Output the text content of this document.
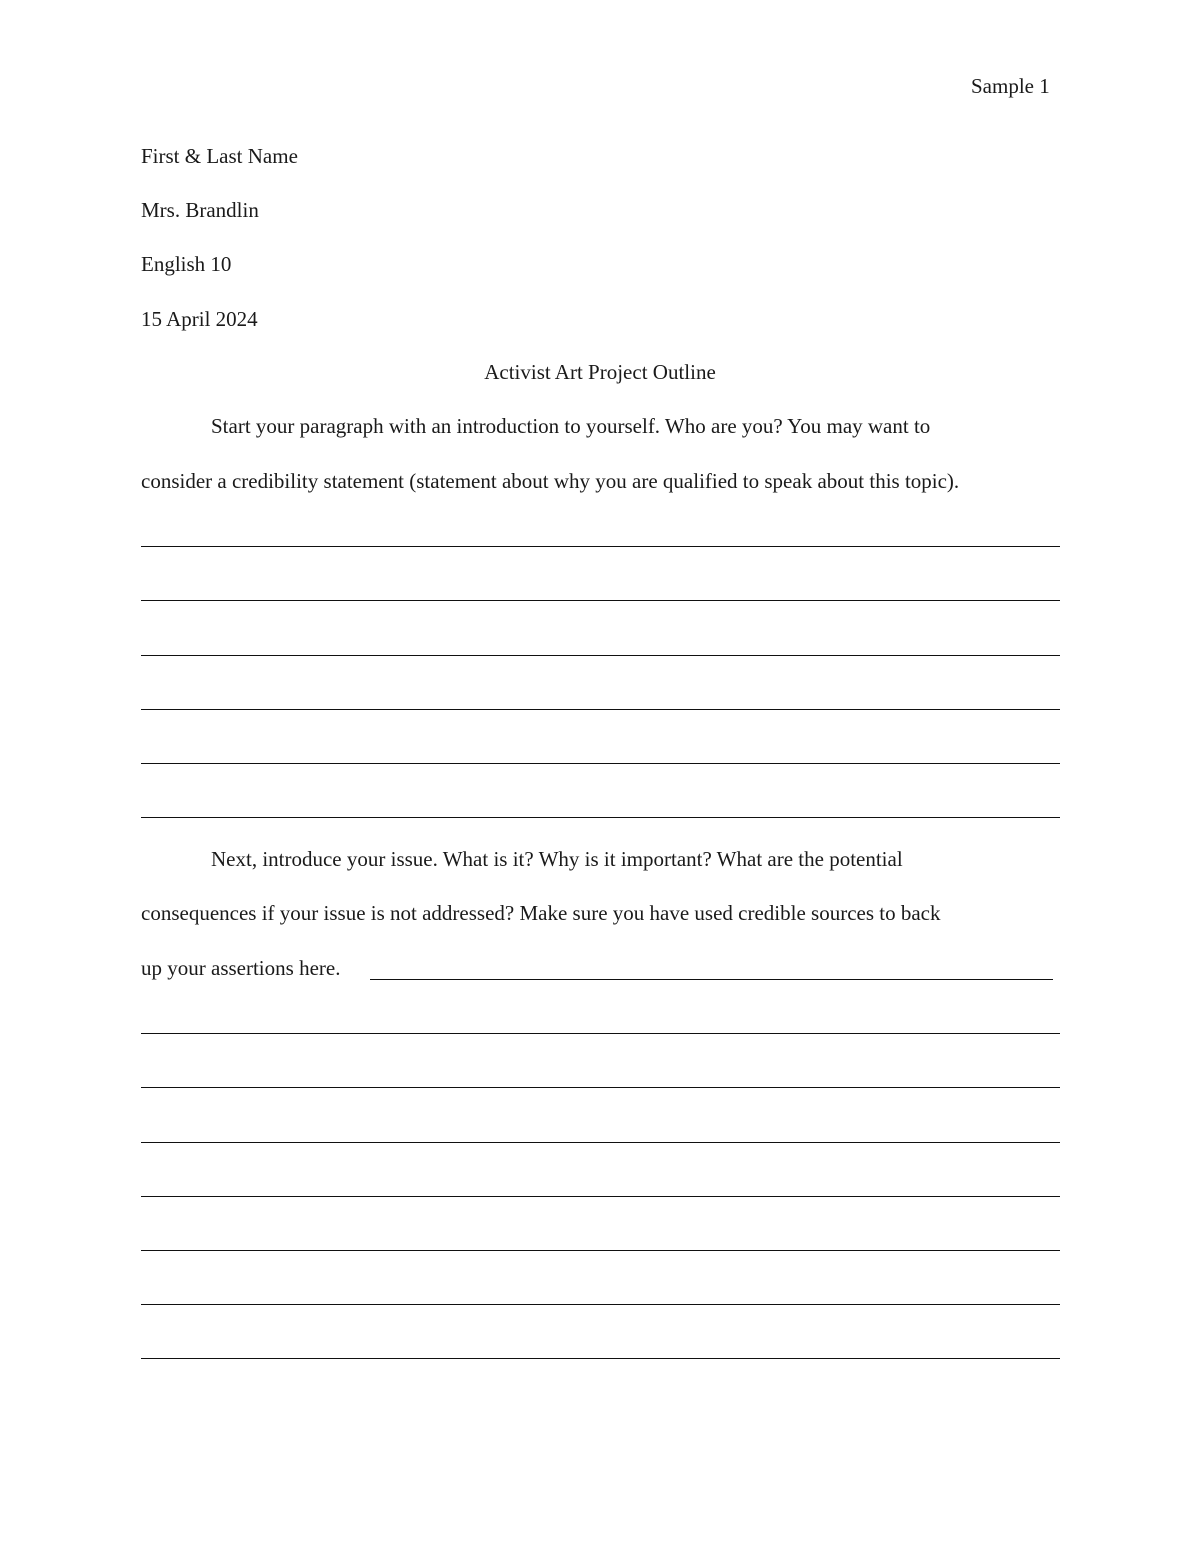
Sample 1
First & Last Name
Mrs. Brandlin
English 10
15 April 2024
Activist Art Project Outline
Start your paragraph with an introduction to yourself. Who are you? You may want to
consider a credibility statement (statement about why you are qualified to speak about this topic).
Next, introduce your issue. What is it? Why is it important? What are the potential
consequences if your issue is not addressed? Make sure you have used credible sources to back
up your assertions here.
